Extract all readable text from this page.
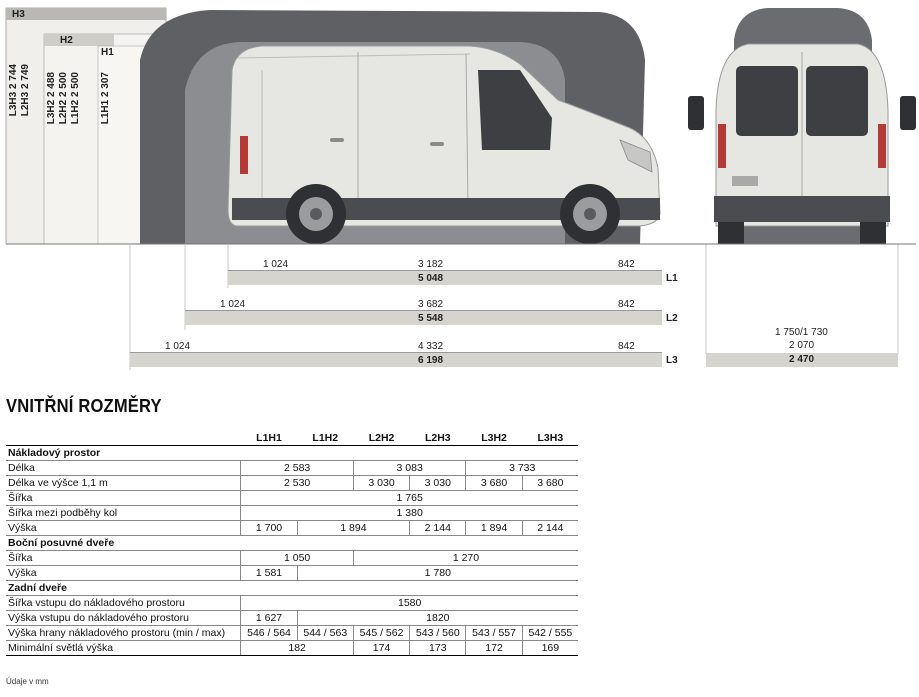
H3
H2
H1
L2H3 2 749
L3H3 2 744	L2H2 2 500
L3H2 2 488 L1H2 2 500 L1H1 2 307
1 024	3 182	842
5 048	L1
1 024	3 682	842
5 548	L2
1 024	4 332	842
6 198	L3
1 750/1 730
2 070
2 470
VNITŘNÍ ROZMĚRY
	L1H1	L1H2	L2H2	L2H3	L3H2	L3H3
Nákladový prostor						
Délka	2 583		3 083		3 733	
Délka ve výšce 1,1 m	2 530		3 030	3 030	3 680	3 680
Šířka	1 765					
Šířka mezi podběhy kol	1 380					
Výška	1 700	1 894		2 144	1 894	2 144
Boční posuvné dveře						
Šířka	1 050		1 270			
Výška	1 581	1 780				
Zadní dveře						
Šířka vstupu do nákladového prostoru	1580					
Výška vstupu do nákladového prostoru	1 627	1820				
Výška hrany nákladového prostoru (min / max)	546 / 564	544 / 563	545 / 562	543 / 560	543 / 557	542 / 555
Minimální světlá výška	182		174	173	172	169
Údaje v mm
